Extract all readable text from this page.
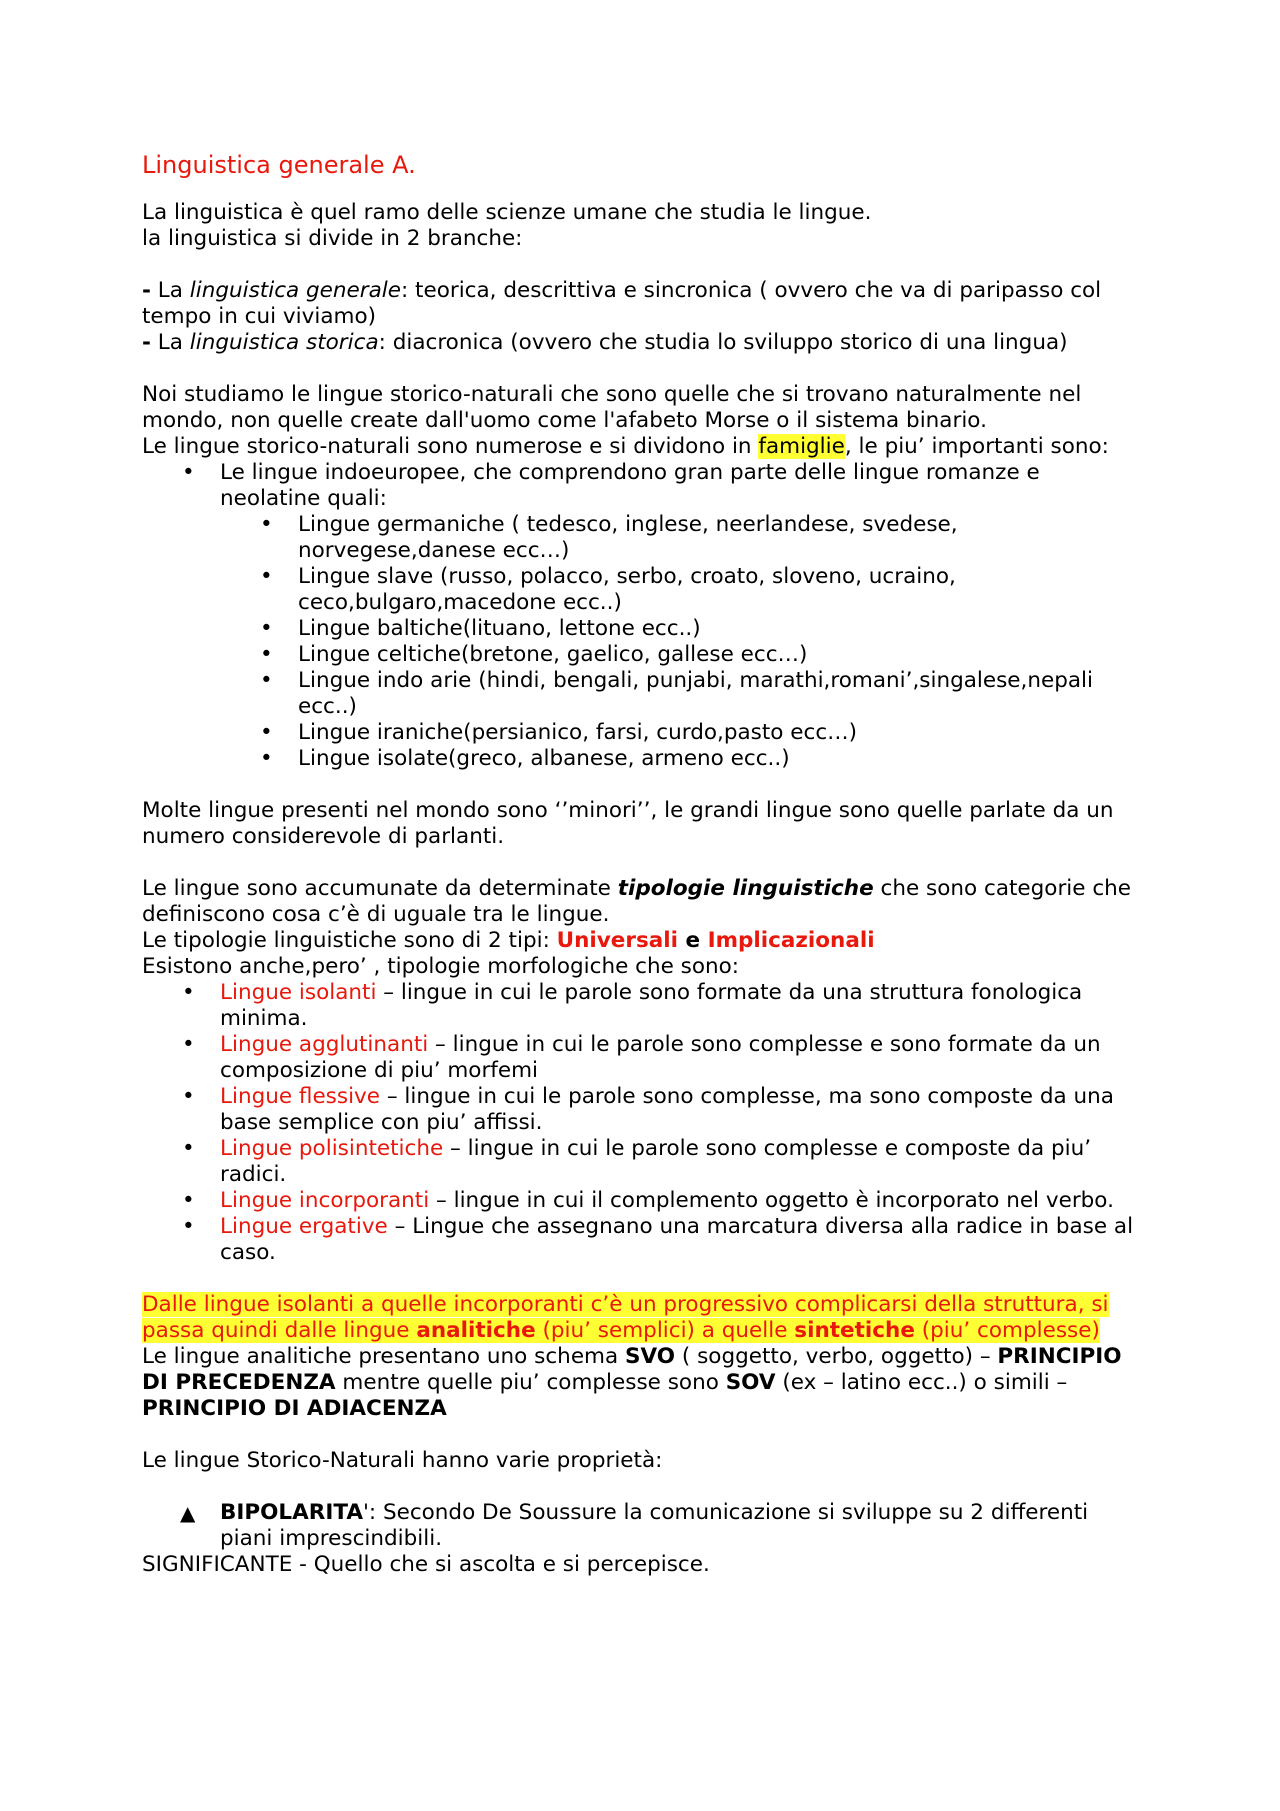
Linguistica generale A.

La linguistica è quel ramo delle scienze umane che studia le lingue.

la linguistica si divide in 2 branche:

- La linguistica generale: teorica, descrittiva e sincronica ( ovvero che va di paripasso col tempo in cui viviamo)

- La linguistica storica: diacronica (ovvero che studia lo sviluppo storico di una lingua)

Noi studiamo le lingue storico-naturali che sono quelle che si trovano naturalmente nel mondo, non quelle create dall'uomo come l'afabeto Morse o il sistema binario.

Le lingue storico-naturali sono numerose e si dividono in famiglie, le piu’ importanti sono:

• Le lingue indoeuropee, che comprendono gran parte delle lingue romanze e neolatine quali:
• Lingue germaniche ( tedesco, inglese, neerlandese, svedese, norvegese,danese ecc…)
• Lingue slave (russo, polacco, serbo, croato, sloveno, ucraino, ceco,bulgaro,macedone ecc..)
• Lingue baltiche(lituano, lettone ecc..)
• Lingue celtiche(bretone, gaelico, gallese ecc…)
• Lingue indo arie (hindi, bengali, punjabi, marathi,romani’,singalese,nepali ecc..)
• Lingue iraniche(persianico, farsi, curdo,pasto ecc…)
• Lingue isolate(greco, albanese, armeno ecc..)

Molte lingue presenti nel mondo sono ‘’minori’’, le grandi lingue sono quelle parlate da un numero considerevole di parlanti.

Le lingue sono accumunate da determinate tipologie linguistiche che sono categorie che definiscono cosa c’è di uguale tra le lingue.

Le tipologie linguistiche sono di 2 tipi: Universali e Implicazionali

Esistono anche,pero’ , tipologie morfologiche che sono:

• Lingue isolanti – lingue in cui le parole sono formate da una struttura fonologica minima.
• Lingue agglutinanti – lingue in cui le parole sono complesse e sono formate da un composizione di piu’ morfemi
• Lingue flessive – lingue in cui le parole sono complesse, ma sono composte da una base semplice con piu’ affissi.
• Lingue polisintetiche – lingue in cui le parole sono complesse e composte da piu’ radici.
• Lingue incorporanti – lingue in cui il complemento oggetto è incorporato nel verbo.
• Lingue ergative – Lingue che assegnano una marcatura diversa alla radice in base al caso.

Dalle lingue isolanti a quelle incorporanti c’è un progressivo complicarsi della struttura, si passa quindi dalle lingue analitiche (piu’ semplici) a quelle sintetiche (piu’ complesse)

Le lingue analitiche presentano uno schema SVO ( soggetto, verbo, oggetto) – PRINCIPIO DI PRECEDENZA mentre quelle piu’ complesse sono SOV (ex – latino ecc..) o simili – PRINCIPIO DI ADIACENZA

Le lingue Storico-Naturali hanno varie proprietà:

▲ BIPOLARITA': Secondo De Soussure la comunicazione si sviluppe su 2 differenti piani imprescindibili.

SIGNIFICANTE - Quello che si ascolta e si percepisce.
